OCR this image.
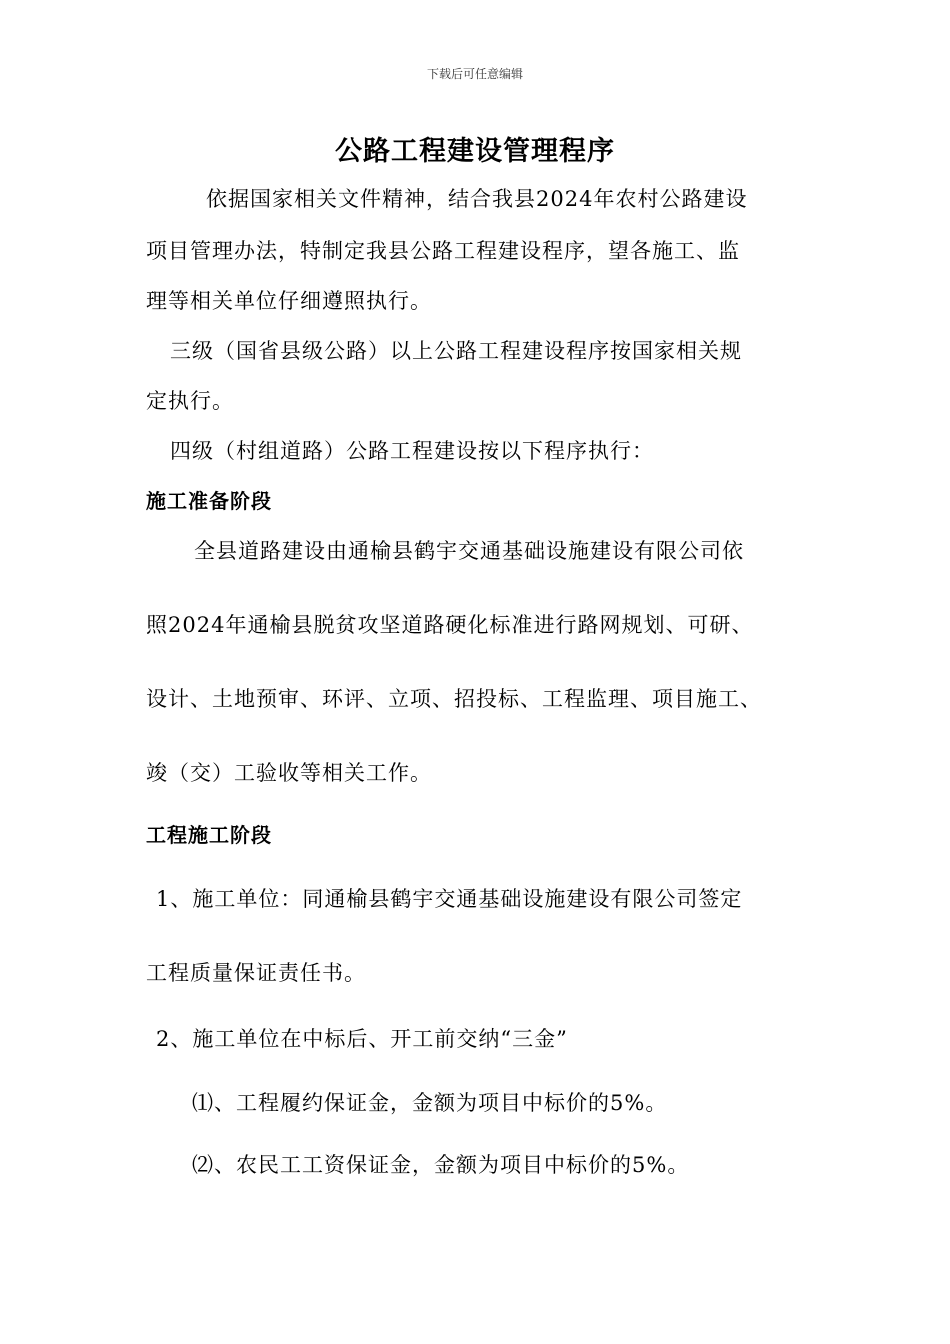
下载后可任意编辑
公路工程建设管理程序
依据国家相关文件精神，结合我县2024年农村公路建设
项目管理办法，特制定我县公路工程建设程序，望各施工、监
理等相关单位仔细遵照执行。
三级（国省县级公路）以上公路工程建设程序按国家相关规
定执行。
四级（村组道路）公路工程建设按以下程序执行：
施工准备阶段
全县道路建设由通榆县鹤宇交通基础设施建设有限公司依
照2024年通榆县脱贫攻坚道路硬化标准进行路网规划、可研、
设计、土地预审、环评、立项、招投标、工程监理、项目施工、
竣（交）工验收等相关工作。
工程施工阶段
1、施工单位：同通榆县鹤宇交通基础设施建设有限公司签定
工程质量保证责任书。
2、施工单位在中标后、开工前交纳“三金”
⑴、工程履约保证金，金额为项目中标价的5%。
⑵、农民工工资保证金，金额为项目中标价的5%。
